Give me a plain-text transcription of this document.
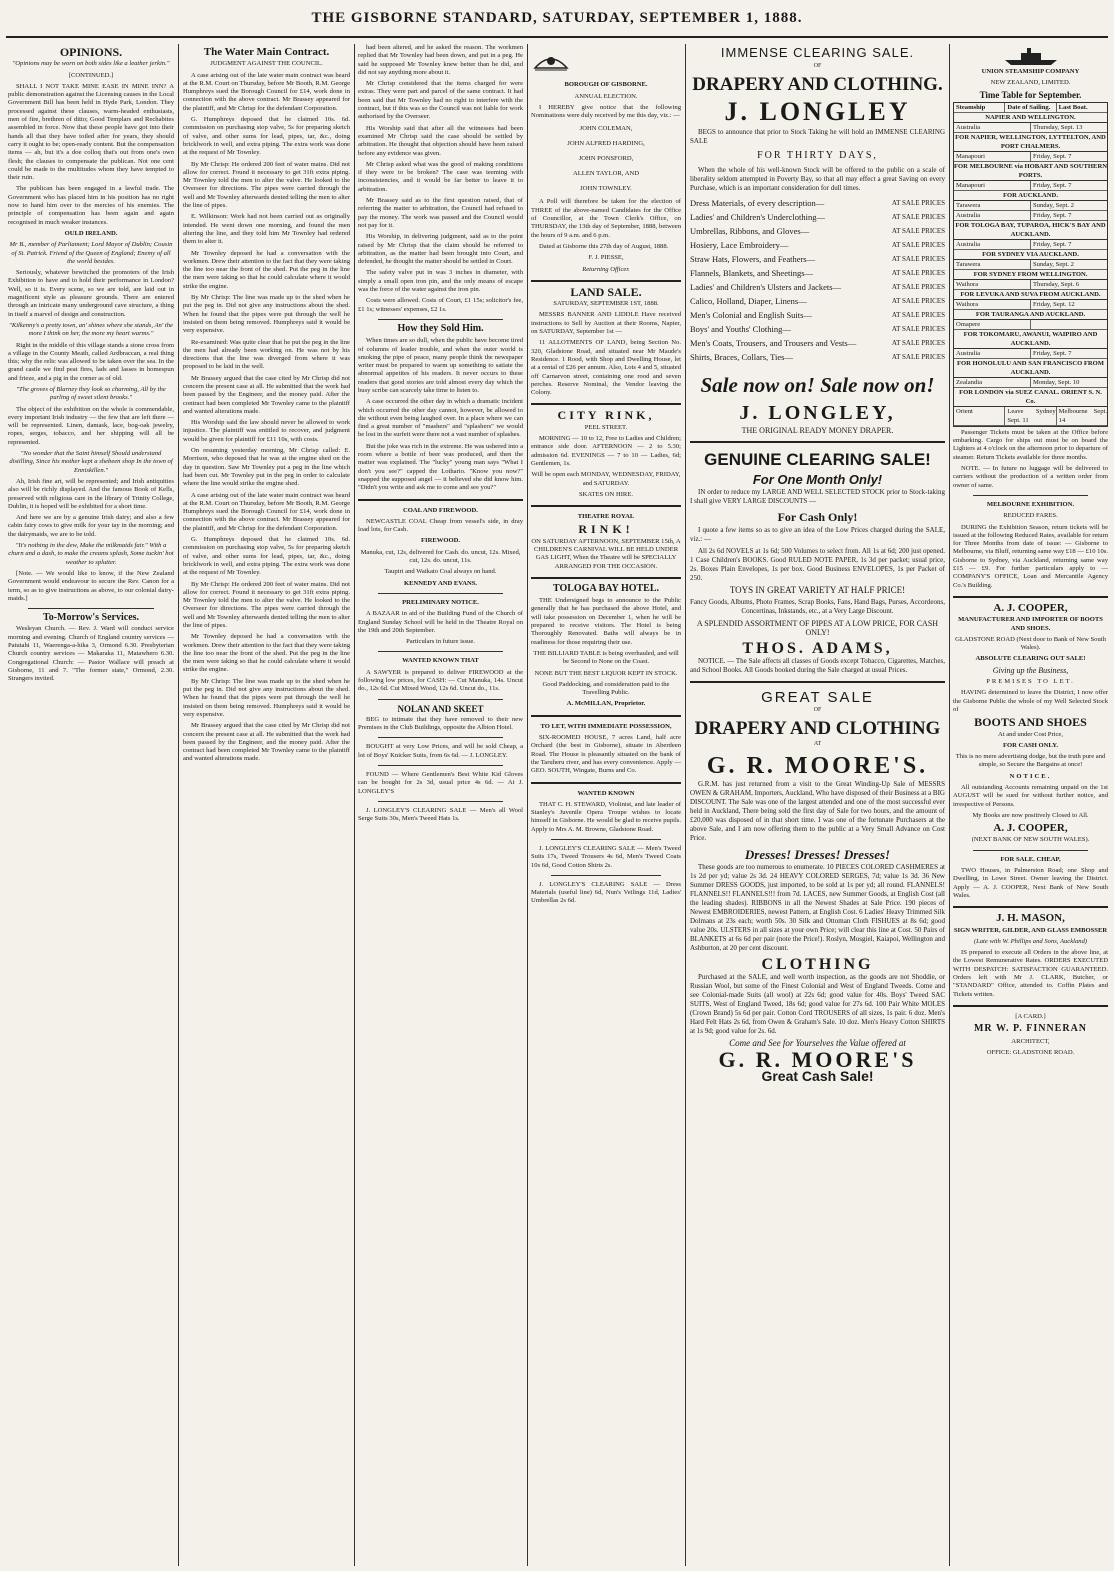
THE GISBORNE STANDARD, SATURDAY, SEPTEMBER 1, 1888.
OPINIONS.

"Opinions may be worn on both sides like a leather jerkin."

[CONTINUED.]

SHALL I NOT TAKE MINE EASE IN MINE INN? A public demonstration against the Licensing causes in the Local Government Bill has been held in Hyde Park, London. They processed against these clauses, warm-headed enthusiasts, men of fire, brethren of ditto; Good Templars and Rechabites assembled in force. Now that these people have got into their hands all that they have toiled after for years, they should carry it ought to be; open-ready content. But the compensation items — ah, but it's a doe colloq that's out from one's own flesh; the clauses to compensate the publican. Not one cent could be made to the multitudes whom they have tempted to their ruin.

The publican has been engaged in a lawful trade. The Government who has placed him in his position has no right now to hand him over to the mercies of his enemies. The principle of compensation has been again and again recognised in much weaker instances.

OULD IRELAND.

Mr B., member of Parliament; Lord Mayor of Dublin; Cousin of St. Patrick. Friend of the Queen of England; Enemy of all the world besides.

Seriously, whatever bewitched the promoters of the Irish Exhibition to have and to hold their performance in London? Well, so it is. Every scene, so we are told, are laid out in magnificent style as pleasure grounds. There are entered through an intricate many underground cave structure, a thing in itself a marvel of design and construction.

"Kilkenny's a pretty town, an' shines where she stands, An' the more I think on her, the more my heart warms."

Right in the middle of this village stands a stone cross from a village in the County Meath, called Ardbraccan, a real thing this; why the relic was allowed to be taken over the sea. In the grand castle we find peat fires, lads and lasses in homespun and frieze, and a pig in the corner as of old.

"The groves of Blarney they look so charming, All by the purling of sweet silent brooks."

The object of the exhibition on the whole is commendable, every important Irish industry — the few that are left there — will be represented. Linen, damask, lace, bog-oak jewelry, ropes, serges, tobacco, and her shipping will all be represented.

"No wonder that the Saint himself Should understand distilling, Since his mother kept a shebeen shop In the town of Enniskillen."

Ah, Irish fine art, will be represented; and Irish antiquities also will be richly displayed. And the famous Book of Kells, preserved with religious care in the library of Trinity College, Dublin, it is hoped will be exhibited for a short time.

And here we are by a genuine Irish dairy; and also a few cabin fairy cows to give milk for your tay in the morning; and the dairymaids, we are to be told.

"It's nothing in the dew, Make the milkmaids fair." With a churn and a dash, to make the creams splash, Some tuckin' hot weather to splutter.

[Note. — We would like to know, if the New Zealand Government would endeavour to secure the Rev. Canon for a term, so as to give instructions as above, to our colonial dairy-maids.]

To-Morrow's Services.

Wesleyan Church. — Rev. J. Ward will conduct service morning and evening. Church of England country services — Patutahi 11, Waerenga-a-hika 3, Ormond 6.30. Presbyterian Church country services — Makaraka 11, Matawhero 6.30. Congregational Church: — Pastor Wallace will preach at Gisborne, 11 and 7. "The former state," Ormond, 2.30. Strangers invited.

The Water Main Contract.

JUDGMENT AGAINST THE COUNCIL.

A case arising out of the late water main contract was heard at the R.M. Court on Thursday, before Mr Booth, R.M. George Humphreys sued the Borough Council for £14, work done in connection with the above contract. Mr Brassey appeared for the plaintiff, and Mr Chrisp for the defendant Corporation.

G. Humphreys deposed that he claimed 10s. 6d. commission on purchasing stop valve, 5s for preparing sketch of valve, and other sums for lead, pipes, tar, &c., doing bricklwork in well, and extra piping. The extra work was done at the request of Mr Townley.

By Mr Chrisp: He ordered 200 feet of water mains. Did not allow for correct. Found it necessary to get 31ft extra piping. Mr Townley told the men to alter the valve. He looked to the Overseer for directions. The pipes were carried through the well and Mr Townley afterwards denied telling the men to alter the line of pipes.

E. Wilkinson: Work had not been carried out as originally intended. He went down one morning, and found the men altering the line, and they told him Mr Townley had ordered them to alter it.

Mr Townley deposed he had a conversation with the workmen. Drew their attention to the fact that they were taking the line too near the front of the shed. Put the peg in the line the men were taking so that he could calculate where it would strike the engine.

By Mr Chrisp: The line was made up to the shed when he put the peg in. Did not give any instructions about the shed. When he found that the pipes were put through the well he insisted on them being removed. Humphreys said it would be very expensive.

Re-examined: Was quite clear that he put the peg in the line the men had already been working on. He was not by his directions that the line was diverged from where it was proposed to be laid in the well.

Mr Brassey argued that the case cited by Mr Chrisp did not concern the present case at all. He submitted that the work had been passed by the Engineer, and the money paid. After the contract had been completed Mr Townley came to the plaintiff and wanted alterations made.

His Worship said the law should never be allowed to work injustice. The plaintiff was entitled to recover, and judgment would be given for plaintiff for £11 10s, with costs.

On resuming yesterday morning, Mr Chrisp called: E. Morrison, who deposed that he was at the engine shed on the day in question. Saw Mr Townley put a peg in the line which had been cut. Mr Townley put in the peg in order to calculate where the line would strike the engine shed.

A case arising out of the late water main contract was heard at the R.M. Court on Thursday, before Mr Booth, R.M. George Humphreys sued the Borough Council for £14, work done in connection with the above contract. Mr Brassey appeared for the plaintiff, and Mr Chrisp for the defendant Corporation.

G. Humphreys deposed that he claimed 10s. 6d. commission on purchasing stop valve, 5s for preparing sketch of valve, and other sums for lead, pipes, tar, &c., doing bricklwork in well, and extra piping. The extra work was done at the request of Mr Townley.

By Mr Chrisp: He ordered 200 feet of water mains. Did not allow for correct. Found it necessary to get 31ft extra piping. Mr Townley told the men to alter the valve. He looked to the Overseer for directions. The pipes were carried through the well and Mr Townley afterwards denied telling the men to alter the line of pipes.

Mr Townley deposed he had a conversation with the workmen. Drew their attention to the fact that they were taking the line too near the front of the shed. Put the peg in the line the men were taking so that he could calculate where it would strike the engine.

By Mr Chrisp: The line was made up to the shed when he put the peg in. Did not give any instructions about the shed. When he found that the pipes were put through the well he insisted on them being removed. Humphreys said it would be very expensive.

Mr Brassey argued that the case cited by Mr Chrisp did not concern the present case at all. He submitted that the work had been passed by the Engineer, and the money paid. After the contract had been completed Mr Townley came to the plaintiff and wanted alterations made.

had been altered, and he asked the reason. The workmen replied that Mr Townley had been down, and put in a peg. He said he supposed Mr Townley knew better than he did, and did not say anything more about it.

Mr Chrisp considered that the items charged for were extras. They were part and parcel of the same contract. It had been said that Mr Townley had no right to interfere with the contract, but if this was so the Council was not liable for work authorised by the Overseer.

His Worship said that after all the witnesses had been examined Mr Chrisp said the case should be settled by arbitration. He thought that objection should have been raised before any evidence was given.

Mr Chrisp asked what was the good of making conditions if they were to be broken? The case was teeming with inconsistencies, and it would be far better to leave it to arbitration.

Mr Brassey said as to the first question raised, that of referring the matter to arbitration, the Council had refused to pay the money. The work was passed and the Council would not pay for it.

His Worship, in delivering judgment, said as to the point raised by Mr Chrisp that the claim should be referred to arbitration, as the matter had been brought into Court, and defended, he thought the matter should be settled in Court.

The safety valve put in was 3 inches in diameter, with simply a small open iron pin, and the only means of escape was the force of the water against the iron pin.

Costs were allowed. Costs of Court, £1 15s; solicitor's fee, £1 1s; witnesses' expenses, £2 1s.

How they Sold Him.

When times are so dull, when the public have become tired of columns of leader trouble, and when the outer world is smoking the pipe of peace, many people think the newspaper writer must be prepared to warm up something to satiate the abnormal appetites of his readers. It never occurs to these readers that good stories are told almost every day which the busy scribe can scarcely take time to listen to.

A case occurred the other day in which a dramatic incident which occurred the other day cannot, however, be allowed to die without even being laughed over. In a place where we can find a great number of "mashers" and "splashers" we would be lost in the surfeit were there not a vast number of splashes.

But the joke was rich in the extreme. He was ushered into a room where a bottle of beer was produced, and then the matter was explained. The "lucky" young man says "What I don't you see?" capped the Lothario. "Know you now?" snapped the supposed angel — it believed she did know him. "Didn't you write and ask me to come and see you?"

COAL AND FIREWOOD.

NEWCASTLE COAL Cheap from vessel's side, in dray load lots, for Cash.

FIREWOOD.

Manuka, cut, 12s, delivered for Cash. do. uncut, 12s. Mixed, cut, 12s. do. uncut, 11s.

Taupiri and Waikato Coal always on hand.

KENNEDY AND EVANS.

PRELIMINARY NOTICE.

A BAZAAR in aid of the Building Fund of the Church of England Sunday School will be held in the Theatre Royal on the 19th and 20th September.

Particulars in future issue.

WANTED KNOWN THAT

A SAWYER is prepared to deliver FIREWOOD at the following low prices, for CASH: — Cut Manuka, 14s. Uncut do., 12s 6d. Cut Mixed Wood, 12s 6d. Uncut do., 11s.

NOLAN AND SKEET

BEG to intimate that they have removed to their new Premises in the Club Buildings, opposite the Albion Hotel.

BOUGHT at very Low Prices, and will be sold Cheap, a lot of Boys' Knicker Suits, from 6s 6d. — J. LONGLEY.

FOUND — Where Gentlemen's Best White Kid Gloves can be bought for 2s 3d, usual price 4s 6d. — At J. LONGLEY'S

J. LONGLEY'S CLEARING SALE — Men's all Wool Serge Suits 30s, Men's Tweed Hats 1s.

BOROUGH OF GISBORNE.

ANNUAL ELECTION.

I HEREBY give notice that the following Nominations were duly received by me this day, viz.: —

JOHN COLEMAN,

JOHN ALFRED HARDING,

JOHN PONSFORD,

ALLEN TAYLOR, AND

JOHN TOWNLEY.

A Poll will therefore be taken for the election of THREE of the above-named Candidates for the Office of Councillor, at the Town Clerk's Office, on THURSDAY, the 13th day of September, 1888, between the hours of 9 a.m. and 6 p.m.

Dated at Gisborne this 27th day of August, 1888.

F. J. PIESSE,

Returning Officer.

LAND SALE.

SATURDAY, SEPTEMBER 1ST, 1888.

MESSRS BANNER AND LIDDLE Have received instructions to Sell by Auction at their Rooms, Napier, on SATURDAY, September 1st —

11 ALLOTMENTS OF LAND, being Section No. 320, Gladstone Road, and situated near Mr Maude's Residence. 1 Rood, with Shop and Dwelling House, let at a rental of £26 per annum. Also, Lots 4 and 5, situated off Carnarvon street, containing one rood and seven perches. Reserve Nominal, the Vendor leaving the Colony.

CITY RINK,

PEEL STREET.

MORNING — 10 to 12, Free to Ladies and Children; entrance side door. AFTERNOON — 2 to 5.30; admission 6d. EVENINGS — 7 to 10 — Ladies, 6d; Gentlemen, 1s.

Will be open each MONDAY, WEDNESDAY, FRIDAY, and SATURDAY.

SKATES ON HIRE.

THEATRE ROYAL

RINK!

ON SATURDAY AFTERNOON, SEPTEMBER 15th, A CHILDREN'S CARNIVAL WILL BE HELD UNDER GAS LIGHT, When the Theatre will be SPECIALLY ARRANGED FOR THE OCCASION.

TOLOGA BAY HOTEL.

THE Undersigned begs to announce to the Public generally that he has purchased the above Hotel, and will take possession on December 1, when he will be prepared to receive visitors. The Hotel is being Thoroughly Renovated. Baths will always be in readiness for those requiring their use.

THE BILLIARD TABLE is being overhauled, and will be Second to None on the Coast.

NONE BUT THE BEST LIQUOR KEPT IN STOCK.

Good Paddocking, and consideration paid to the Travelling Public.

A. McMILLAN, Proprietor.

TO LET, WITH IMMEDIATE POSSESSION,

SIX-ROOMED HOUSE, 7 acres Land, half acre Orchard (the best in Gisborne), situate in Aberdeen Road. The House is pleasantly situated on the bank of the Taruheru river, and has every convenience. Apply — GEO. SOUTH, Wingate, Burns and Co.

WANTED KNOWN

THAT C. H. STEWARD, Violinist, and late leader of Stanley's Juvenile Opera Troupe wishes to locate himself in Gisborne. He would be glad to receive pupils. Apply to Mrs A. M. Browne, Gladstone Road.

J. LONGLEY'S CLEARING SALE — Men's Tweed Suits 17s, Tweed Trousers 4s 6d, Men's Tweed Coats 10s 6d, Good Cotton Shirts 2s.

J. LONGLEY'S CLEARING SALE — Dress Materials (useful line) 6d, Nun's Veilings 11d, Ladies' Umbrellas 2s 6d.

IMMENSE CLEARING SALE.

OF

DRAPERY AND CLOTHING.
J. LONGLEY

BEGS to announce that prior to Stock Taking he will hold an IMMENSE CLEARING SALE

FOR THIRTY DAYS,

When the whole of his well-known Stock will be offered to the public on a scale of liberality seldom attempted in Poverty Bay, so that all may effect a great Saving on every Purchase, which is an important consideration for dull times.

Dress Materials, of every description—	AT SALE PRICES
Ladies' and Children's Underclothing—	AT SALE PRICES
Umbrellas, Ribbons, and Gloves—	AT SALE PRICES
Hosiery, Lace Embroidery—	AT SALE PRICES
Straw Hats, Flowers, and Feathers—	AT SALE PRICES
Flannels, Blankets, and Sheetings—	AT SALE PRICES
Ladies' and Children's Ulsters and Jackets—	AT SALE PRICES
Calico, Holland, Diaper, Linens—	AT SALE PRICES
Men's Colonial and English Suits—	AT SALE PRICES
Boys' and Youths' Clothing—	AT SALE PRICES
Men's Coats, Trousers, and Trousers and Vests—	AT SALE PRICES
Shirts, Braces, Collars, Ties—	AT SALE PRICES
Sale now on! Sale now on!
J. LONGLEY,

THE ORIGINAL READY MONEY DRAPER.

GENUINE CLEARING SALE!
For One Month Only!

IN order to reduce my LARGE AND WELL SELECTED STOCK prior to Stock-taking I shall give VERY LARGE DISCOUNTS —

For Cash Only!

I quote a few items so as to give an idea of the Low Prices charged during the SALE, viz.: —

All 2s 6d NOVELS at 1s 6d; 500 Volumes to select from. All 1s at 6d; 200 just opened. 1 Case Children's BOOKS. Good RULED NOTE PAPER, 1s 3d per packet; usual price, 2s. Boxes Plain Envelopes, 1s per box. Good Business ENVELOPES, 1s per Packet of 250.

TOYS IN GREAT VARIETY AT HALF PRICE!

Fancy Goods, Albums, Photo Frames, Scrap Books, Fans, Hand Bags, Purses, Accordeons, Concertinas, Inkstands, etc., at a Very Large Discount.

A SPLENDID ASSORTMENT OF PIPES AT A LOW PRICE, FOR CASH ONLY!

THOS. ADAMS,

NOTICE. — The Sale affects all classes of Goods except Tobacco, Cigarettes, Matches, and School Books. All Goods booked during the Sale charged at usual Prices.

GREAT SALE

OF

DRAPERY AND CLOTHING

AT

G. R. MOORE'S.

G.R.M. has just returned from a visit to the Great Winding-Up Sale of MESSRS OWEN & GRAHAM, Importers, Auckland, Who have disposed of their Business at a BIG DISCOUNT. The Sale was one of the largest attended and one of the most successful ever held in Auckland, There being sold the first day of Sale for two hours, and the amount of £20,000 was disposed of in that short time. I was one of the fortunate Purchasers at the above Sale, and I am now offering them to the public at a Very Small Advance on Cost Price.

Dresses! Dresses! Dresses!

These goods are too numerous to enumerate. 10 PIECES COLORED CASHMERES at 1s 2d per yd; value 2s 3d. 24 HEAVY COLORED SERGES, 7d; value 1s 3d. 36 New Summer DRESS GOODS, just imported, to be sold at 1s per yd; all round. FLANNELS! FLANNELS!! FLANNELS!!! from 7d. LACES, new Summer Goods, at English Cost (all the leading shades). RIBBONS in all the Newest Shades at Sale Price. 190 pieces of Newest EMBROIDERIES, newest Pattern, at English Cost. 6 Ladies' Heavy Trimmed Silk Dolmans at 23s each; worth 50s. 30 Silk and Ottoman Cloth FISHUES at 8s 6d; good value 20s. ULSTERS in all sizes at your own Price; will clear this line at Cost. 50 Pairs of BLANKETS at 6s 6d per pair (note the Price!). Roslyn, Mosgiel, Kaiapoi, Wellington and Ashburton, at 20 per cent discount.

CLOTHING

Purchased at the SALE, and well worth inspection, as the goods are not Shoddie, or Russian Wool, but some of the Finest Colonial and West of England Tweeds. Come and see Colonial-made Suits (all wool) at 22s 6d; good value for 40s. Boys' Tweed SAC SUITS, West of England Tweed, 18s 6d; good value for 27s 6d. 100 Pair White MOLES (Crown Brand) 5s 6d per pair. Cotton Cord TROUSERS of all sizes, 1s pair. 6 doz. Men's Hard Felt Hats 2s 6d, from Owen & Graham's Sale. 10 doz. Men's Heavy Cotton SHIRTS at 1s 9d; good value for 2s. 6d.

Come and See for Yourselves the Value offered at

G. R. MOORE'S
Great Cash Sale!

UNION STEAMSHIP COMPANY

NEW ZEALAND, LIMITED.

Time Table for September.

Steamship	Date of Sailing.	Last Boat.
NAPIER AND WELLINGTON.
Australia	Thursday, Sept. 13
FOR NAPIER, WELLINGTON, LYTTELTON, AND PORT CHALMERS.
Manapouri	Friday, Sept. 7
FOR MELBOURNE via HOBART AND SOUTHERN PORTS.
Manapouri	Friday, Sept. 7
FOR AUCKLAND.
Tarawera	Sunday, Sept. 2
Australia	Friday, Sept. 7
FOR TOLOGA BAY, TUPAROA, HICK'S BAY AND AUCKLAND.
Australia	Friday, Sept. 7
FOR SYDNEY VIA AUCKLAND.
Tarawera	Sunday, Sept. 2
FOR SYDNEY FROM WELLINGTON.
Waihora	Thursday, Sept. 6
FOR LEVUKA AND SUVA FROM AUCKLAND.
Waihora	Friday, Sept. 12
FOR TAURANGA AND AUCKLAND.
Omapere
FOR TOKOMARU, AWANUI, WAIPIRO AND AUCKLAND.
Australia	Friday, Sept. 7
FOR HONOLULU AND SAN FRANCISCO FROM AUCKLAND.
Zealandia	Monday, Sept. 10
FOR LONDON via SUEZ CANAL. ORIENT S. N. Co.
Orient	Leave Sydney Sept. 11
Melbourne Sept. 14

Passenger Tickets must be taken at the Office before embarking. Cargo for ships out must be on board the Lighters at 4 o'clock on the afternoon prior to departure of steamer. Return Tickets available for three months.

NOTE. — In future no luggage will be delivered to carriers without the production of a written order from owner of same.

MELBOURNE EXHIBITION.

REDUCED FARES.

DURING the Exhibition Season, return tickets will be issued at the following Reduced Rates, available for return for Three Months from date of issue: — Gisborne to Melbourne, via Bluff, returning same way £18 — £10 10s. Gisborne to Sydney, via Auckland, returning same way £15 — £9. For further particulars apply to — COMPANY'S OFFICE, Loan and Mercantile Agency Co.'s Building.

A. J. COOPER,

MANUFACTURER AND IMPORTER OF BOOTS AND SHOES.

GLADSTONE ROAD (Next door to Bank of New South Wales).

ABSOLUTE CLEARING OUT SALE!

Giving up the Business,

PREMISES TO LET.

HAVING determined to leave the District, I now offer the Gisborne Public the whole of my Well Selected Stock of

BOOTS AND SHOES

At and under Cost Price,

FOR CASH ONLY.

This is no mere advertising dodge, but the truth pure and simple, so Secure the Bargains at once!

NOTICE.

All outstanding Accounts remaining unpaid on the 1st AUGUST will be sued for without further notice, and irrespective of Persons.

My Books are now positively Closed to All.

A. J. COOPER,

(NEXT BANK OF NEW SOUTH WALES).

FOR SALE. CHEAP,

TWO Houses, in Palmerston Road; one Shop and Dwelling, in Lowe Street. Owner leaving the District. Apply — A. J. COOPER, Next Bank of New South Wales.

J. H. MASON,

SIGN WRITER, GILDER, AND GLASS EMBOSSER

(Late with W. Phillips and Sons, Auckland)

IS prepared to execute all Orders in the above line, at the Lowest Remunerative Rates. ORDERS EXECUTED WITH DESPATCH: SATISFACTION GUARANTEED. Orders left with Mr J. CLARK, Butcher, or "STANDARD" Office, attended to. Coffin Plates and Tickets written.

[A CARD.]

MR W. P. FINNERAN

ARCHITECT,

OFFICE: GLADSTONE ROAD.
